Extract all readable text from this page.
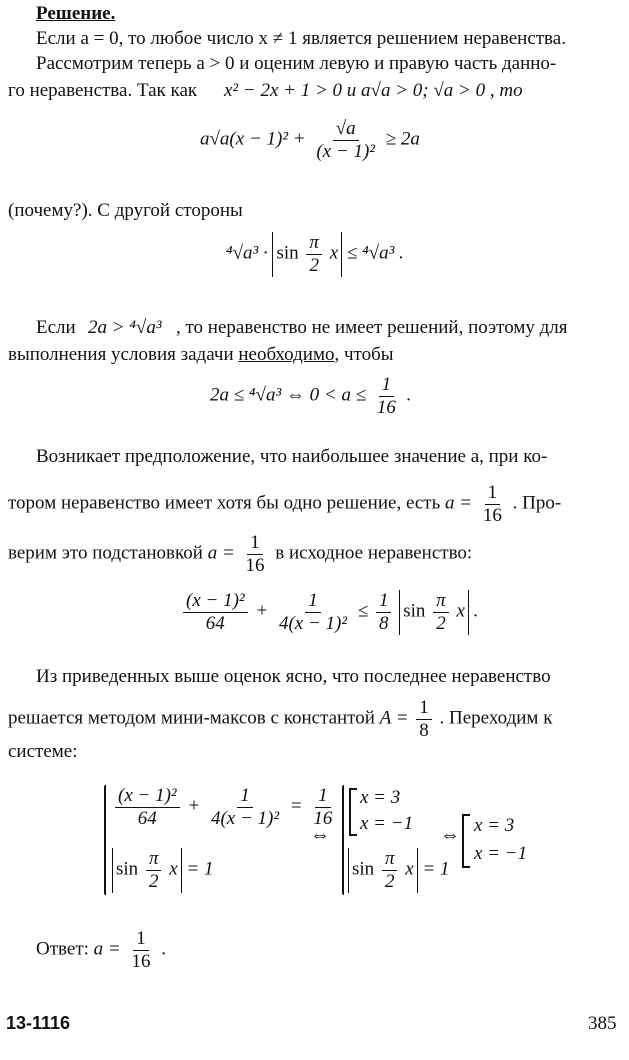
Решение.
Если a = 0, то любое число x ≠ 1 является решением неравенства.
Рассмотрим теперь a > 0 и оценим левую и правую часть данно-
го неравенства. Так как x² − 2x + 1 > 0 и a√a > 0; √a > 0 , то
$a√a(x - 1)^2 + \frac{√a}{\text{(x − 1)²}} \ge 2a$
(почему?). С другой стороны
$^4√a^3 \cdot \sin \frac{\pi}{2}$ x ≤ ⁴√a³ .
Если 2a > ⁴√a³ , то неравенство не имеет решений, поэтому для
выполнения условия задачи необходимо, чтобы
2a ≤ ⁴√a³ ⇔ $0 < a \le \frac{1}{16}$ .
Возникает предположение, что наибольшее значение a, при ко-
тором неравенство имеет хотя бы одно решение, есть $a = \frac{1}{16}$ . Про-
верим это подстановкой $a = \frac{1}{16}$ в исходное неравенство:
$\frac{\text{(x − 1)²}}{64} + \frac{1}{\text{4(x − 1)²}} \le \frac{1}{8}$ $\sin \frac{\pi}{2}$ x .
Из приведенных выше оценок ясно, что последнее неравенство
решается методом мини-максов с константой $A = \frac{1}{8}$ . Переходим к
системе:
$\frac{\text{(x − 1)²}}{64} + \frac{1}{\text{4(x − 1)²}} = \frac{1}{16}$
$\sin \frac{\pi}{2}$ x = 1
⇔
x = 3
x = −1
$\sin \frac{\pi}{2}$ x = 1
⇔ x = 3
x = −1
Ответ: $a = \frac{1}{16}$ .
13-1116	385
